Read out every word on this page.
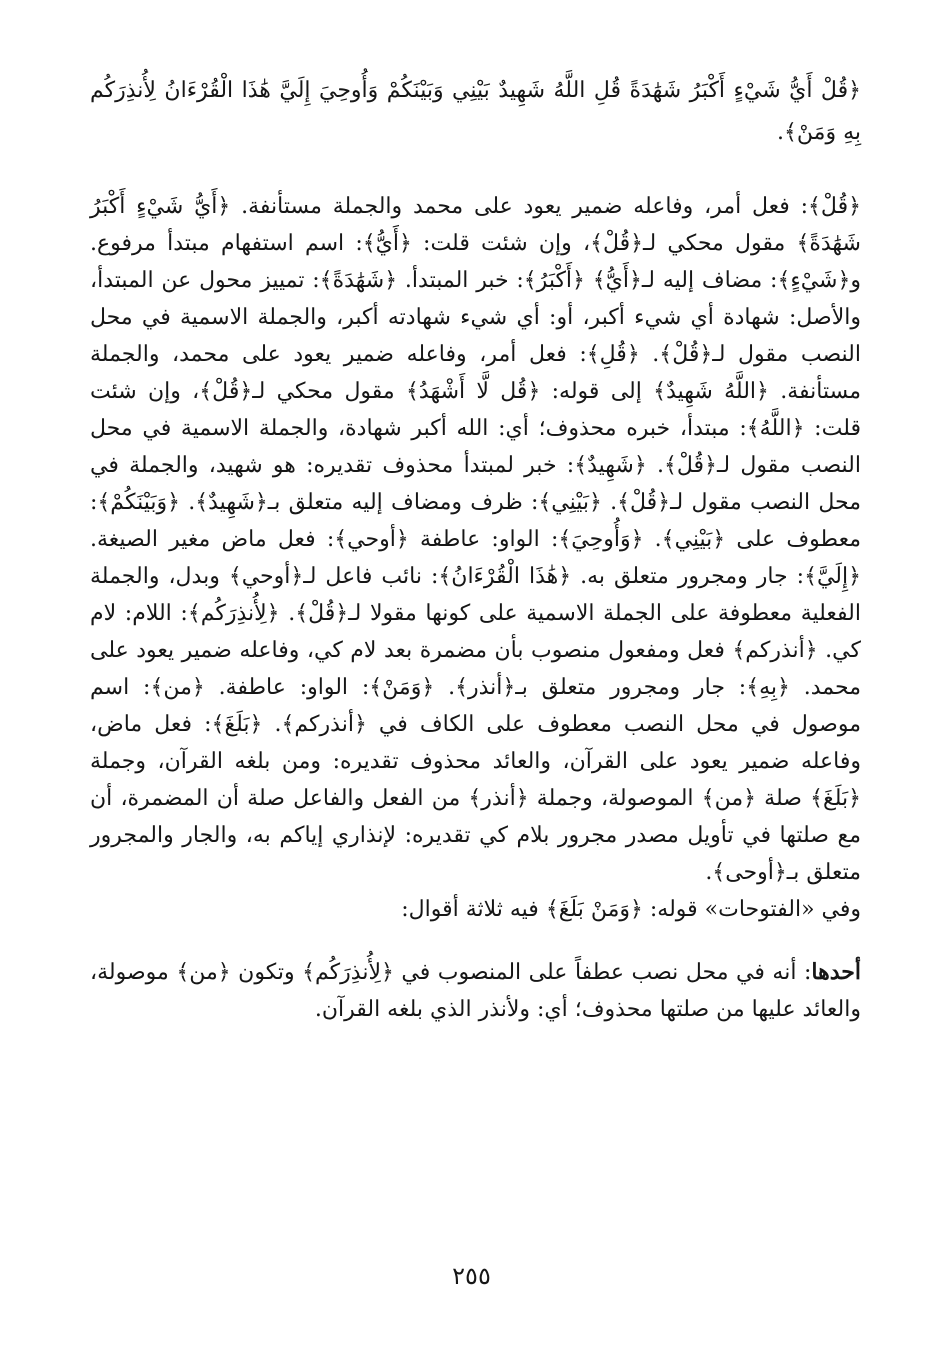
﴿قُلْ أَيُّ شَيْءٍ أَكْبَرُ شَهَٰدَةً قُلِ اللَّهُ شَهِيدٌ بَيْنِي وَبَيْنَكُمْ وَأُوحِيَ إِلَيَّ هَٰذَا الْقُرْءَانُ لِأُنذِرَكُم بِهِ وَمَنْ﴾.

﴿قُلْ﴾: فعل أمر، وفاعله ضمير يعود على محمد والجملة مستأنفة. ﴿أَيُّ شَيْءٍ أَكْبَرُ شَهَٰدَةً﴾ مقول محكي لـ﴿قُلْ﴾، وإن شئت قلت: ﴿أَيُّ﴾: اسم استفهام مبتدأ مرفوع. و﴿شَيْءٍ﴾: مضاف إليه لـ﴿أَيُّ﴾ ﴿أَكْبَرُ﴾: خبر المبتدأ. ﴿شَهَٰدَةً﴾: تمييز محول عن المبتدأ، والأصل: شهادة أي شيء أكبر، أو: أي شيء شهادته أكبر، والجملة الاسمية في محل النصب مقول لـ﴿قُلْ﴾. ﴿قُلِ﴾: فعل أمر، وفاعله ضمير يعود على محمد، والجملة مستأنفة. ﴿اللَّهُ شَهِيدٌ﴾ إلى قوله: ﴿قُل لَّا أَشْهَدُ﴾ مقول محكي لـ﴿قُلْ﴾، وإن شئت قلت: ﴿اللَّهُ﴾: مبتدأ، خبره محذوف؛ أي: الله أكبر شهادة، والجملة الاسمية في محل النصب مقول لـ﴿قُلْ﴾. ﴿شَهِيدٌ﴾: خبر لمبتدأ محذوف تقديره: هو شهيد، والجملة في محل النصب مقول لـ﴿قُلْ﴾. ﴿بَيْنِي﴾: ظرف ومضاف إليه متعلق بـ﴿شَهِيدٌ﴾. ﴿وَبَيْنَكُمْ﴾: معطوف على ﴿بَيْنِي﴾. ﴿وَأُوحِيَ﴾: الواو: عاطفة ﴿أوحي﴾: فعل ماض مغير الصيغة. ﴿إِلَيَّ﴾: جار ومجرور متعلق به. ﴿هَٰذَا الْقُرْءَانُ﴾: نائب فاعل لـ﴿أوحي﴾ وبدل، والجملة الفعلية معطوفة على الجملة الاسمية على كونها مقولا لـ﴿قُلْ﴾. ﴿لِأُنذِرَكُم﴾: اللام: لام كي. ﴿أنذركم﴾ فعل ومفعول منصوب بأن مضمرة بعد لام كي، وفاعله ضمير يعود على محمد. ﴿بِهِ﴾: جار ومجرور متعلق بـ﴿أنذر﴾. ﴿وَمَنْ﴾: الواو: عاطفة. ﴿من﴾: اسم موصول في محل النصب معطوف على الكاف في ﴿أنذركم﴾. ﴿بَلَغَ﴾: فعل ماض، وفاعله ضمير يعود على القرآن، والعائد محذوف تقديره: ومن بلغه القرآن، وجملة ﴿بَلَغَ﴾ صلة ﴿من﴾ الموصولة، وجملة ﴿أنذر﴾ من الفعل والفاعل صلة أن المضمرة، أن مع صلتها في تأويل مصدر مجرور بلام كي تقديره: لإنذاري إياكم به، والجار والمجرور متعلق بـ﴿أوحى﴾.

وفي «الفتوحات» قوله: ﴿وَمَنْ بَلَغَ﴾ فيه ثلاثة أقوال:

أحدها: أنه في محل نصب عطفاً على المنصوب في ﴿لِأُنذِرَكُم﴾ وتكون ﴿من﴾ موصولة، والعائد عليها من صلتها محذوف؛ أي: ولأنذر الذي بلغه القرآن.

٢٥٥
